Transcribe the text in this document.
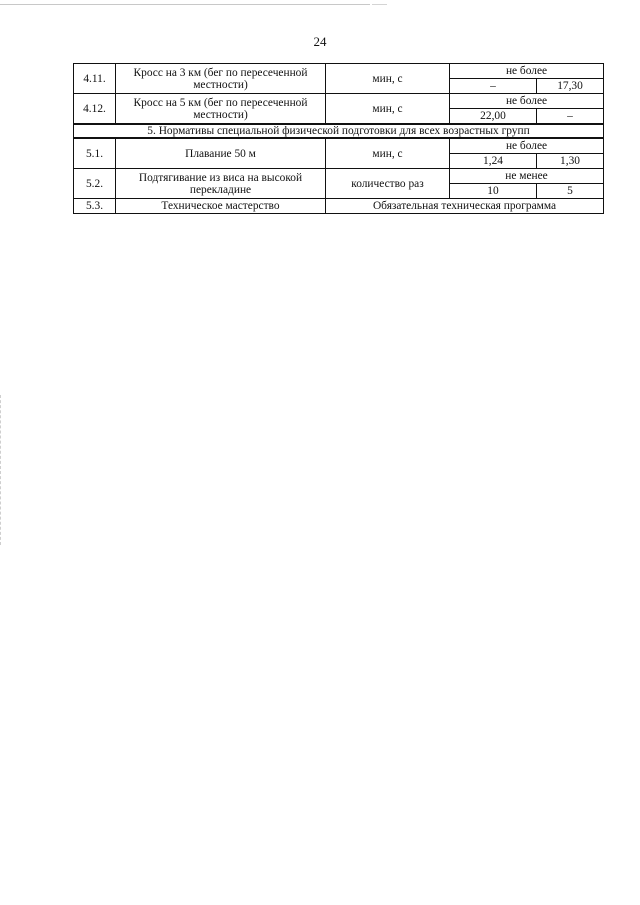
24
4.11.	Кросс на 3 км (бег по пересеченной местности)	мин, с	не более	
			–	17,30
4.12.	Кросс на 5 км (бег по пересеченной местности)	мин, с	не более	
			22,00	–
5. Нормативы специальной физической подготовки для всех возрастных групп				
5.1.	Плавание 50 м	мин, с	не более	
			1,24	1,30
5.2.	Подтягивание из виса на высокой перекладине	количество раз	не менее	
			10	5
5.3.	Техническое мастерство	Обязательная техническая программа		
